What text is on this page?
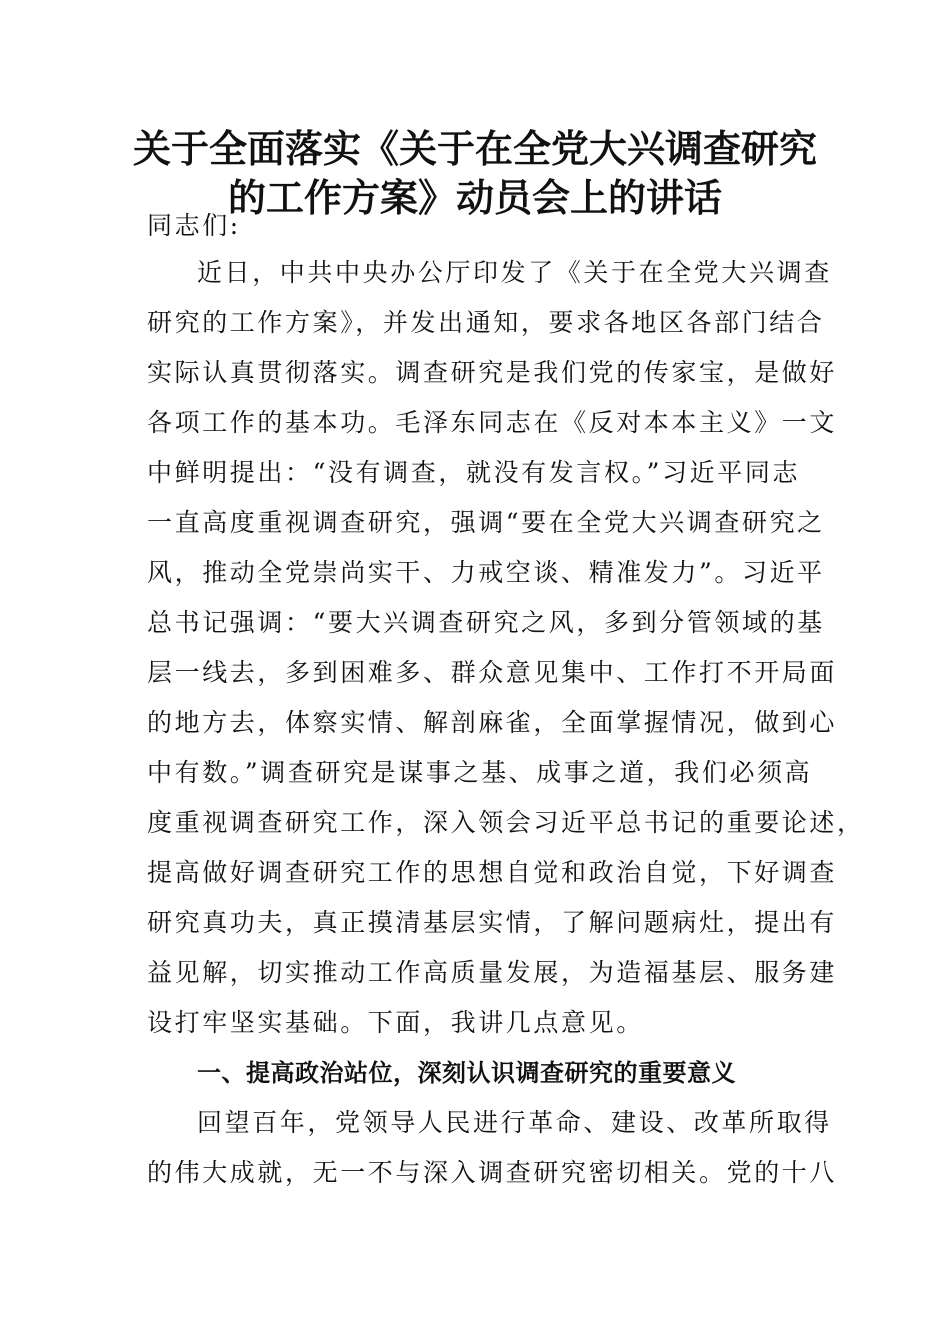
关于全面落实《关于在全党大兴调查研究
的工作方案》动员会上的讲话
同志们:
近日，中共中央办公厅印发了《关于在全党大兴调查
研究的工作方案》，并发出通知，要求各地区各部门结合
实际认真贯彻落实。调查研究是我们党的传家宝，是做好
各项工作的基本功。毛泽东同志在《反对本本主义》一文
中鲜明提出：“没有调查，就没有发言权。”习近平同志
一直高度重视调查研究，强调“要在全党大兴调查研究之
风，推动全党崇尚实干、力戒空谈、精准发力”。习近平
总书记强调：“要大兴调查研究之风，多到分管领域的基
层一线去，多到困难多、群众意见集中、工作打不开局面
的地方去，体察实情、解剖麻雀，全面掌握情况，做到心
中有数。”调查研究是谋事之基、成事之道，我们必须高
度重视调查研究工作，深入领会习近平总书记的重要论述，
提高做好调查研究工作的思想自觉和政治自觉，下好调查
研究真功夫，真正摸清基层实情，了解问题病灶，提出有
益见解，切实推动工作高质量发展，为造福基层、服务建
设打牢坚实基础。下面，我讲几点意见。
一、提高政治站位，深刻认识调查研究的重要意义
回望百年，党领导人民进行革命、建设、改革所取得
的伟大成就，无一不与深入调查研究密切相关。党的十八
